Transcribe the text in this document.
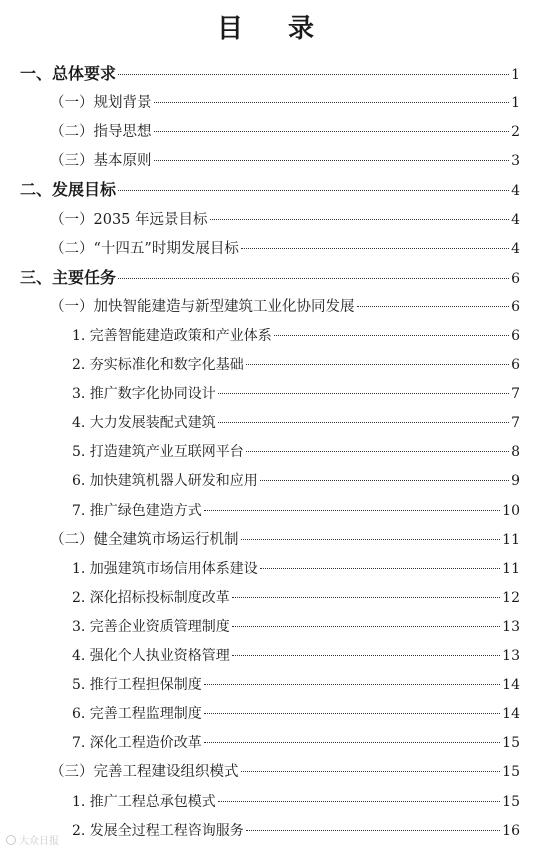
目 录
一、总体要求	1
（一）规划背景	1
（二）指导思想	2
（三）基本原则	3
二、发展目标	4
（一）2035 年远景目标	4
（二）“十四五”时期发展目标	4
三、主要任务	6
（一）加快智能建造与新型建筑工业化协同发展	6
1. 完善智能建造政策和产业体系	6
2. 夯实标准化和数字化基础	6
3. 推广数字化协同设计	7
4. 大力发展装配式建筑	7
5. 打造建筑产业互联网平台	8
6. 加快建筑机器人研发和应用	9
7. 推广绿色建造方式	10
（二）健全建筑市场运行机制	11
1. 加强建筑市场信用体系建设	11
2. 深化招标投标制度改革	12
3. 完善企业资质管理制度	13
4. 强化个人执业资格管理	13
5. 推行工程担保制度	14
6. 完善工程监理制度	14
7. 深化工程造价改革	15
（三）完善工程建设组织模式	15
1. 推广工程总承包模式	15
2. 发展全过程工程咨询服务	16
大众日报
